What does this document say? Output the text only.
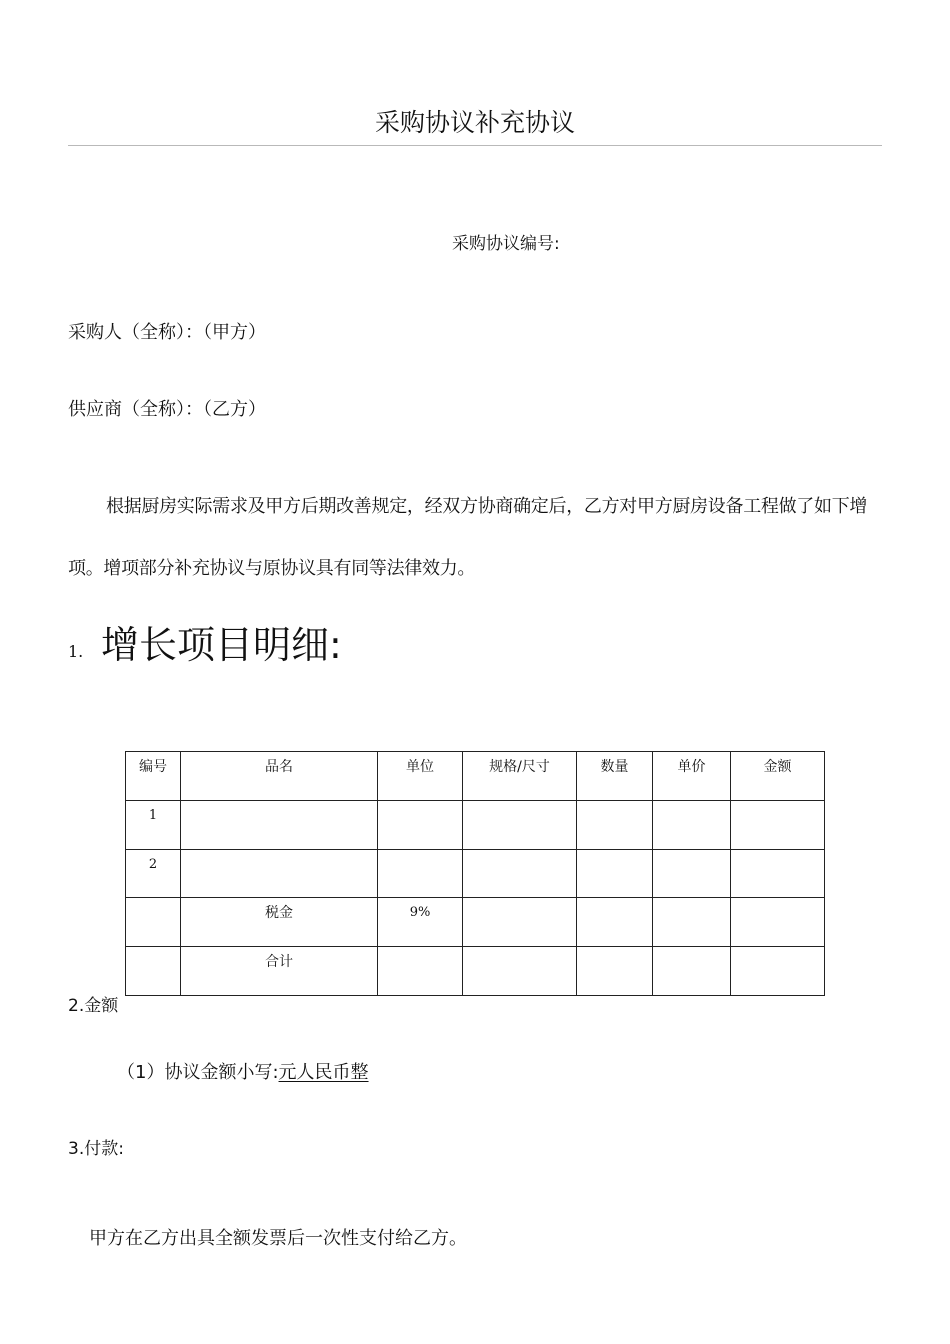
采购协议补充协议
采购协议编号:
采购人（全称）：（甲方）
供应商（全称）：（乙方）
根据厨房实际需求及甲方后期改善规定，经双方协商确定后，乙方对甲方厨房设备工程做了如下增项。增项部分补充协议与原协议具有同等法律效力。
1. 增长项目明细:
编号	品名	单位	规格/尺寸	数量	单价	金额
1						
2						
	税金	9%				
	合计					
2.金额
（1）协议金额小写:元人民币整
3.付款:
甲方在乙方出具全额发票后一次性支付给乙方。
